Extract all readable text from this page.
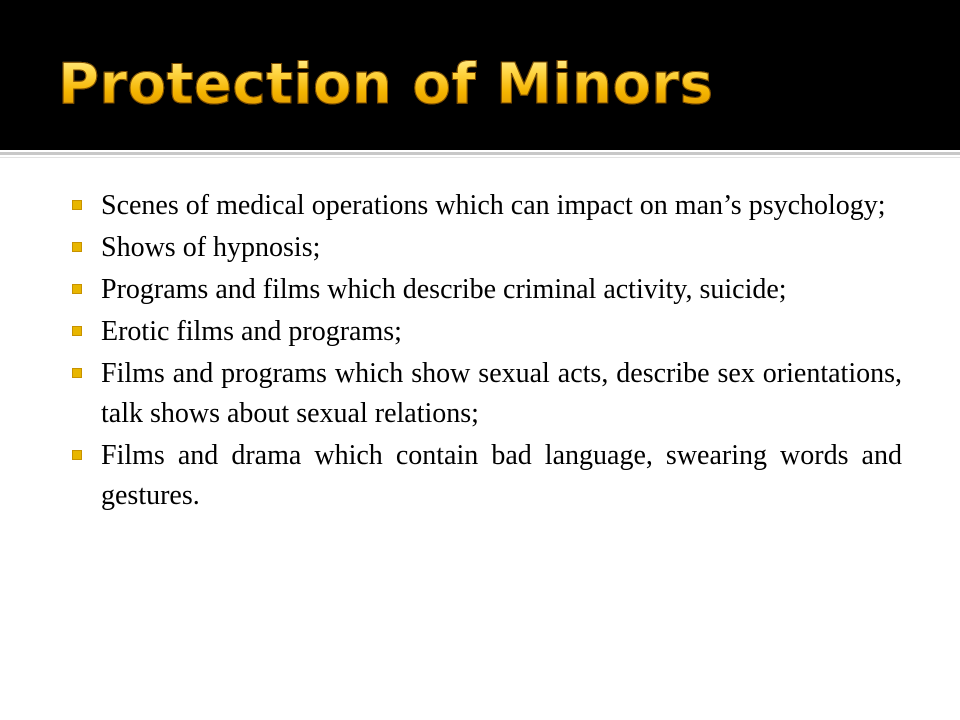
Protection of Minors
Scenes of medical operations which can impact on man’s psychology;
Shows of hypnosis;
Programs and films which describe criminal activity, suicide;
Erotic films and programs;
Films and programs which show sexual acts, describe sex orientations, talk shows about sexual relations;
Films and drama which contain bad language, swearing words and gestures.
